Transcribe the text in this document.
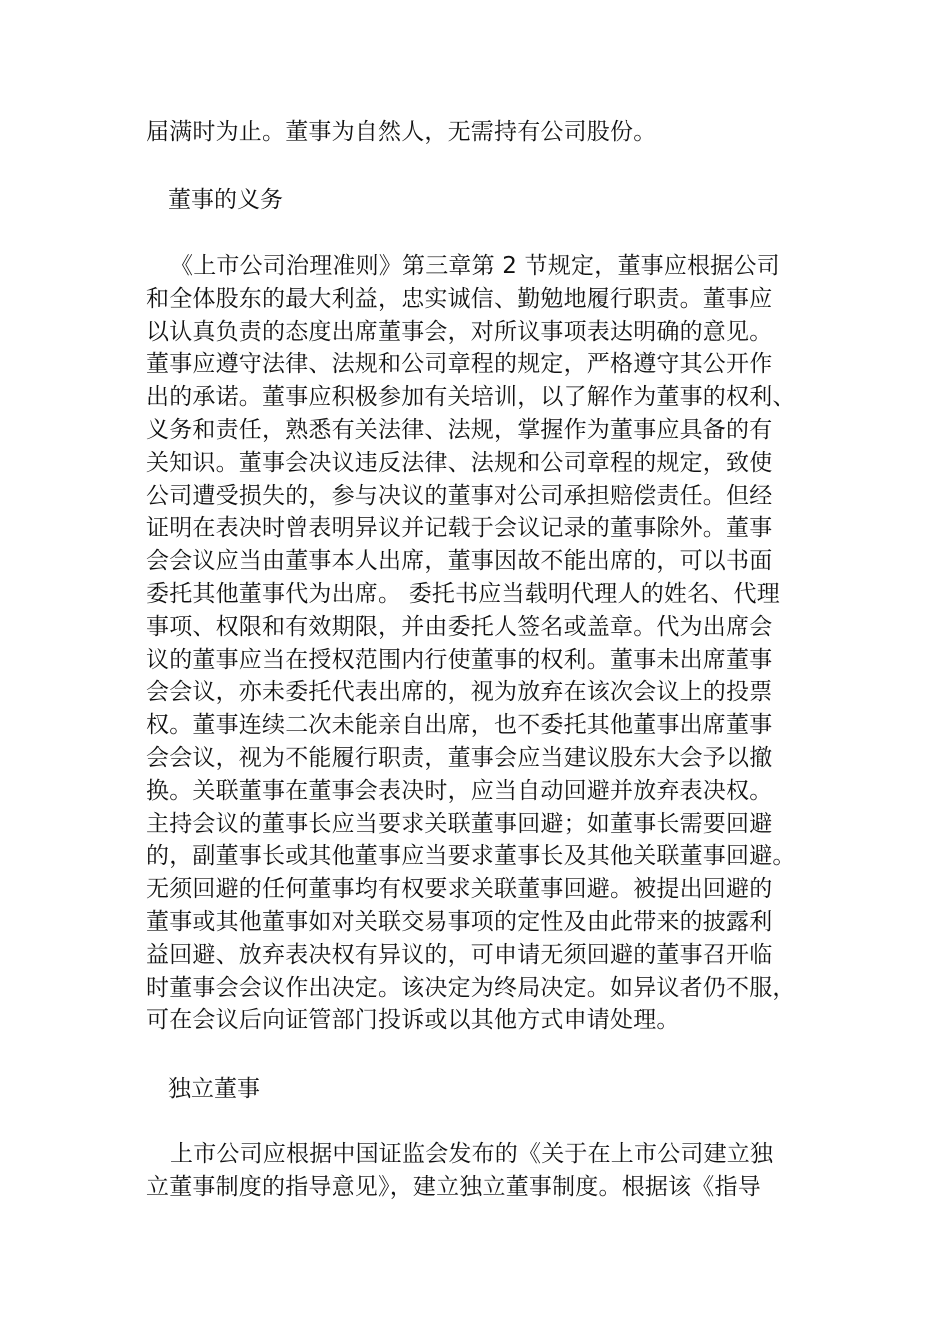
届满时为止。董事为自然人，无需持有公司股份。

董事的义务

《上市公司治理准则》第三章第 2 节规定，董事应根据公司
和全体股东的最大利益，忠实诚信、勤勉地履行职责。董事应
以认真负责的态度出席董事会，对所议事项表达明确的意见。
董事应遵守法律、法规和公司章程的规定，严格遵守其公开作
出的承诺。董事应积极参加有关培训，以了解作为董事的权利、
义务和责任，熟悉有关法律、法规，掌握作为董事应具备的有
关知识。董事会决议违反法律、法规和公司章程的规定，致使
公司遭受损失的，参与决议的董事对公司承担赔偿责任。但经
证明在表决时曾表明异议并记载于会议记录的董事除外。董事
会会议应当由董事本人出席，董事因故不能出席的，可以书面
委托其他董事代为出席。 委托书应当载明代理人的姓名、代理
事项、权限和有效期限，并由委托人签名或盖章。代为出席会
议的董事应当在授权范围内行使董事的权利。董事未出席董事
会会议，亦未委托代表出席的，视为放弃在该次会议上的投票
权。董事连续二次未能亲自出席，也不委托其他董事出席董事
会会议，视为不能履行职责，董事会应当建议股东大会予以撤
换。关联董事在董事会表决时，应当自动回避并放弃表决权。
主持会议的董事长应当要求关联董事回避；如董事长需要回避
的，副董事长或其他董事应当要求董事长及其他关联董事回避。
无须回避的任何董事均有权要求关联董事回避。被提出回避的
董事或其他董事如对关联交易事项的定性及由此带来的披露利
益回避、放弃表决权有异议的，可申请无须回避的董事召开临
时董事会会议作出决定。该决定为终局决定。如异议者仍不服，
可在会议后向证管部门投诉或以其他方式申请处理。

独立董事

上市公司应根据中国证监会发布的《关于在上市公司建立独
立董事制度的指导意见》，建立独立董事制度。根据该《指导
